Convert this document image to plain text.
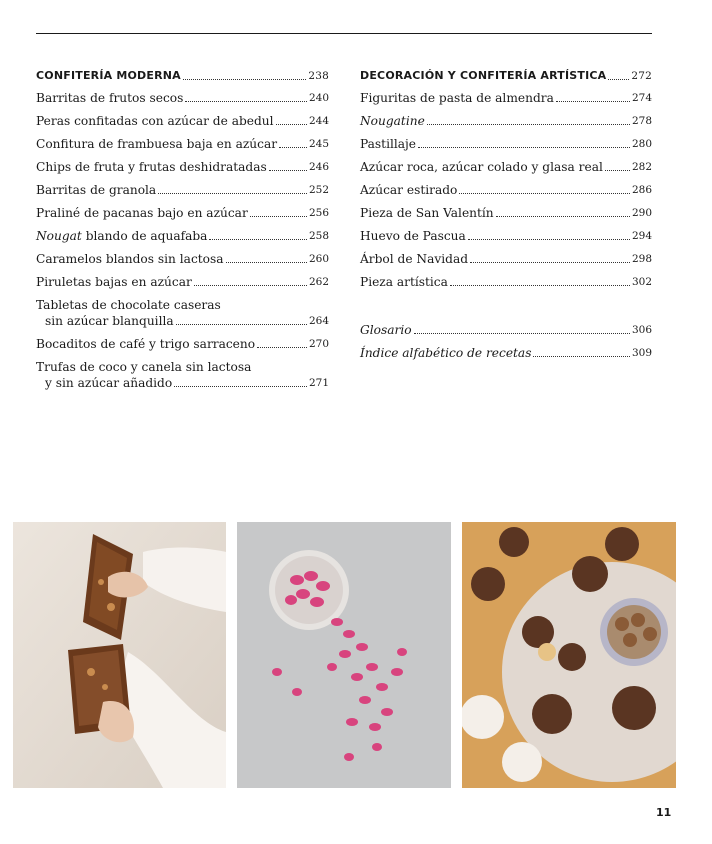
CONFITERÍA MODERNA	238
Barritas de frutos secos	240
Peras confitadas con azúcar de abedul	244
Confitura de frambuesa baja en azúcar	245
Chips de fruta y frutas deshidratadas	246
Barritas de granola	252
Praliné de pacanas bajo en azúcar	256
Nougat blando de aquafaba	258
Caramelos blandos sin lactosa	260
Piruletas bajas en azúcar	262
Tabletas de chocolate caseras
sin azúcar blanquilla	264
Bocaditos de café y trigo sarraceno	270
Trufas de coco y canela sin lactosa
y sin azúcar añadido	271
DECORACIÓN Y CONFITERÍA ARTÍSTICA 272
Figuritas de pasta de almendra	274
Nougatine	278
Pastillaje	280
Azúcar roca, azúcar colado y glasa real	282
Azúcar estirado	286
Pieza de San Valentín	290
Huevo de Pascua	294
Árbol de Navidad	298
Pieza artística	302
Glosario	306
Índice alfabético de recetas	309
11
